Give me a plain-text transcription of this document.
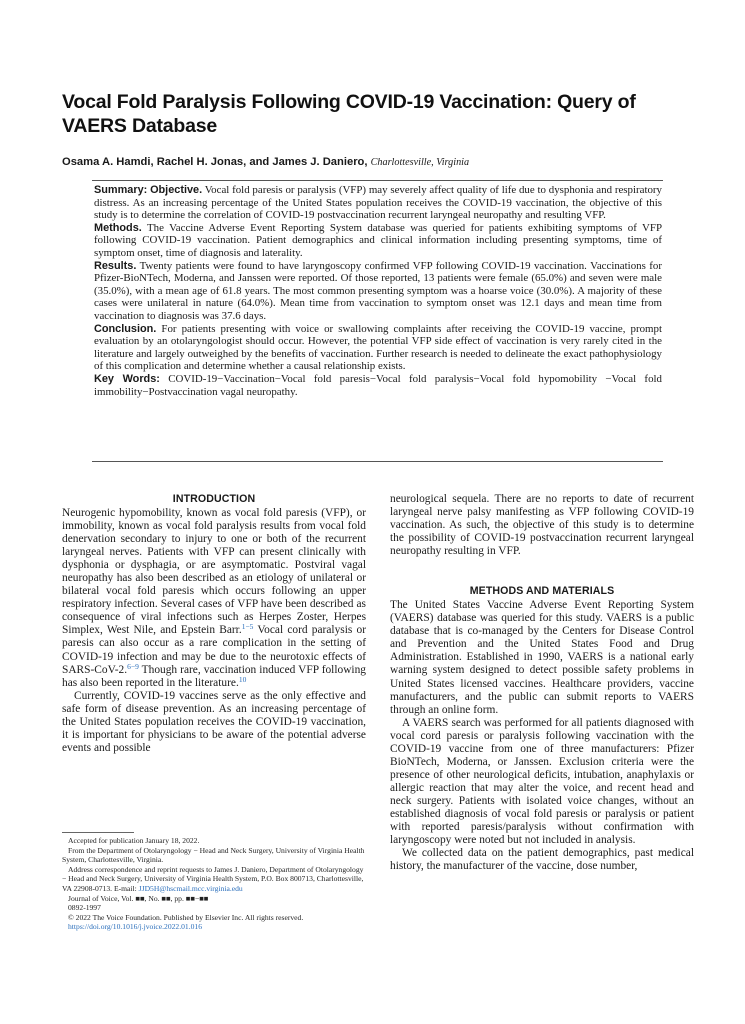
Vocal Fold Paralysis Following COVID-19 Vaccination: Query of VAERS Database
Osama A. Hamdi, Rachel H. Jonas, and James J. Daniero, Charlottesville, Virginia

Summary: Objective. Vocal fold paresis or paralysis (VFP) may severely affect quality of life due to dysphonia and respiratory distress. As an increasing percentage of the United States population receives the COVID-19 vaccination, the objective of this study is to determine the correlation of COVID-19 postvaccination recurrent laryngeal neuropathy and resulting VFP.

Methods. The Vaccine Adverse Event Reporting System database was queried for patients exhibiting symptoms of VFP following COVID-19 vaccination. Patient demographics and clinical information including presenting symptoms, time of symptom onset, time of diagnosis and laterality.

Results. Twenty patients were found to have laryngoscopy confirmed VFP following COVID-19 vaccination. Vaccinations for Pfizer-BioNTech, Moderna, and Janssen were reported. Of those reported, 13 patients were female (65.0%) and seven were male (35.0%), with a mean age of 61.8 years. The most common presenting symptom was a hoarse voice (30.0%). A majority of these cases were unilateral in nature (64.0%). Mean time from vaccination to symptom onset was 12.1 days and mean time from vaccination to diagnosis was 37.6 days.

Conclusion. For patients presenting with voice or swallowing complaints after receiving the COVID-19 vaccine, prompt evaluation by an otolaryngologist should occur. However, the potential VFP side effect of vaccination is very rarely cited in the literature and largely outweighed by the benefits of vaccination. Further research is needed to delineate the exact pathophysiology of this complication and determine whether a causal relationship exists.

Key Words: COVID-19−Vaccination−Vocal fold paresis−Vocal fold paralysis−Vocal fold hypomobility −Vocal fold immobility−Postvaccination vagal neuropathy.

INTRODUCTION

Neurogenic hypomobility, known as vocal fold paresis (VFP), or immobility, known as vocal fold paralysis results from vocal fold denervation secondary to injury to one or both of the recurrent laryngeal nerves. Patients with VFP can present clinically with dysphonia or dysphagia, or are asymptomatic. Postviral vagal neuropathy has also been described as an etiology of unilateral or bilateral vocal fold paresis which occurs following an upper respiratory infection. Several cases of VFP have been described as consequence of viral infections such as Herpes Zoster, Herpes Simplex, West Nile, and Epstein Barr.$^{1-5}$ Vocal cord paralysis or paresis can also occur as a rare complication in the setting of COVID-19 infection and may be due to the neurotoxic effects of SARS-CoV-2.$^{6-9}$ Though rare, vaccination induced VFP following has also been reported in the literature.$^{10}$

Currently, COVID-19 vaccines serve as the only effective and safe form of disease prevention. As an increasing percentage of the United States population receives the COVID-19 vaccination, it is important for physicians to be aware of the potential adverse events and possible

neurological sequela. There are no reports to date of recurrent laryngeal nerve palsy manifesting as VFP following COVID-19 vaccination. As such, the objective of this study is to determine the possibility of COVID-19 postvaccination recurrent laryngeal neuropathy resulting in VFP.

METHODS AND MATERIALS

The United States Vaccine Adverse Event Reporting System (VAERS) database was queried for this study. VAERS is a public database that is co-managed by the Centers for Disease Control and Prevention and the United States Food and Drug Administration. Established in 1990, VAERS is a national early warning system designed to detect possible safety problems in United States licensed vaccines. Healthcare providers, vaccine manufacturers, and the public can submit reports to VAERS through an online form.

A VAERS search was performed for all patients diagnosed with vocal cord paresis or paralysis following vaccination with the COVID-19 vaccine from one of three manufacturers: Pfizer BioNTech, Moderna, or Janssen. Exclusion criteria were the presence of other neurological deficits, intubation, anaphylaxis or allergic reaction that may alter the voice, and recent head and neck surgery. Patients with isolated voice changes, without an established diagnosis of vocal fold paresis or paralysis or patient with reported paresis/paralysis without confirmation with laryngoscopy were noted but not included in analysis.

We collected data on the patient demographics, past medical history, the manufacturer of the vaccine, dose number,

Accepted for publication January 18, 2022.

From the Department of Otolaryngology − Head and Neck Surgery, University of Virginia Health System, Charlottesville, Virginia.

Address correspondence and reprint requests to James J. Daniero, Department of Otolaryngology − Head and Neck Surgery, University of Virginia Health System, P.O. Box 800713, Charlottesville, VA 22908-0713. E-mail: JJD5H@hscmail.mcc.virginia.edu

Journal of Voice, Vol. ■■, No. ■■, pp. ■■−■■

0892-1997

© 2022 The Voice Foundation. Published by Elsevier Inc. All rights reserved.

https://doi.org/10.1016/j.jvoice.2022.01.016
